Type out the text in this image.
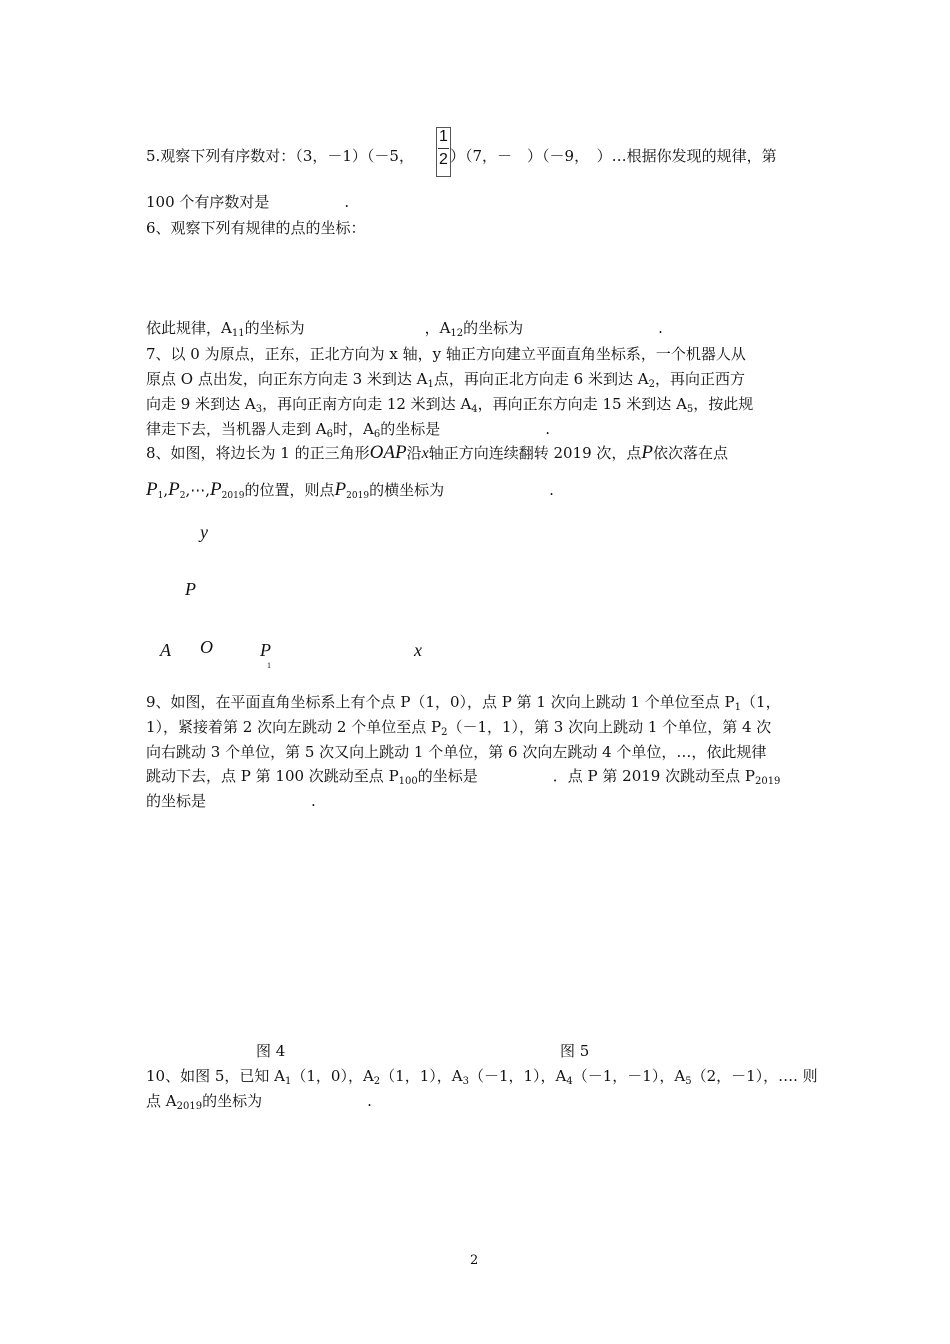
5.观察下列有序数对：（3，－1）（－5，
1
2 ）（7，－　）（－9，　）…根据你发现的规律，第
100 个有序数对是　　　　　.
6、观察下列有规律的点的坐标：
依此规律，$A_{11}$的坐标为　　　　　　　　，$A_{12}$的坐标为　　　　　　　　　.
7、以 0 为原点，正东，正北方向为 x 轴，y 轴正方向建立平面直角坐标系，一个机器人从
原点 O 点出发，向正东方向走 3 米到达 $A_1$点，再向正北方向走 6 米到达 $A_2$，再向正西方
向走 9 米到达 $A_3$，再向正南方向走 12 米到达 $A_4$，再向正东方向走 15 米到达 $A_5$，按此规
律走下去，当机器人走到 $A_6$时，$A_6$的坐标是　　　　　　　.
8、如图，将边长为 1 的正三角形OAP沿x轴正方向连续翻转 2019 次，点P依次落在点
$P_1,P_2,\cdots,P_{2019}$的位置，则点$P_{2019}$的横坐标为　　　　　　　.
y
P
A O	P
1
x
9、如图，在平面直角坐标系上有个点 P（1，0），点 P 第 1 次向上跳动 1 个单位至点 $P_1(1$，
1），紧接着第 2 次向左跳动 2 个单位至点 $P_2(-1$，1），第 3 次向上跳动 1 个单位，第 4 次
向右跳动 3 个单位，第 5 次又向上跳动 1 个单位，第 6 次向左跳动 4 个单位，…，依此规律
跳动下去，点 P 第 100 次跳动至点 $P_{100}$的坐标是　　　　　．点 P 第 2019 次跳动至点 $P_{2019}$
的坐标是　　　　　　　.
图 4	图 5
10、如图 5，已知 $A_1(1$，0），$A_2(1$，1），$A_3(-1$，1），$A_4(-1$，－1），$A_5(2$，－1），…. 则
点 $A_{2019}$的坐标为　　　　　　　.
2
